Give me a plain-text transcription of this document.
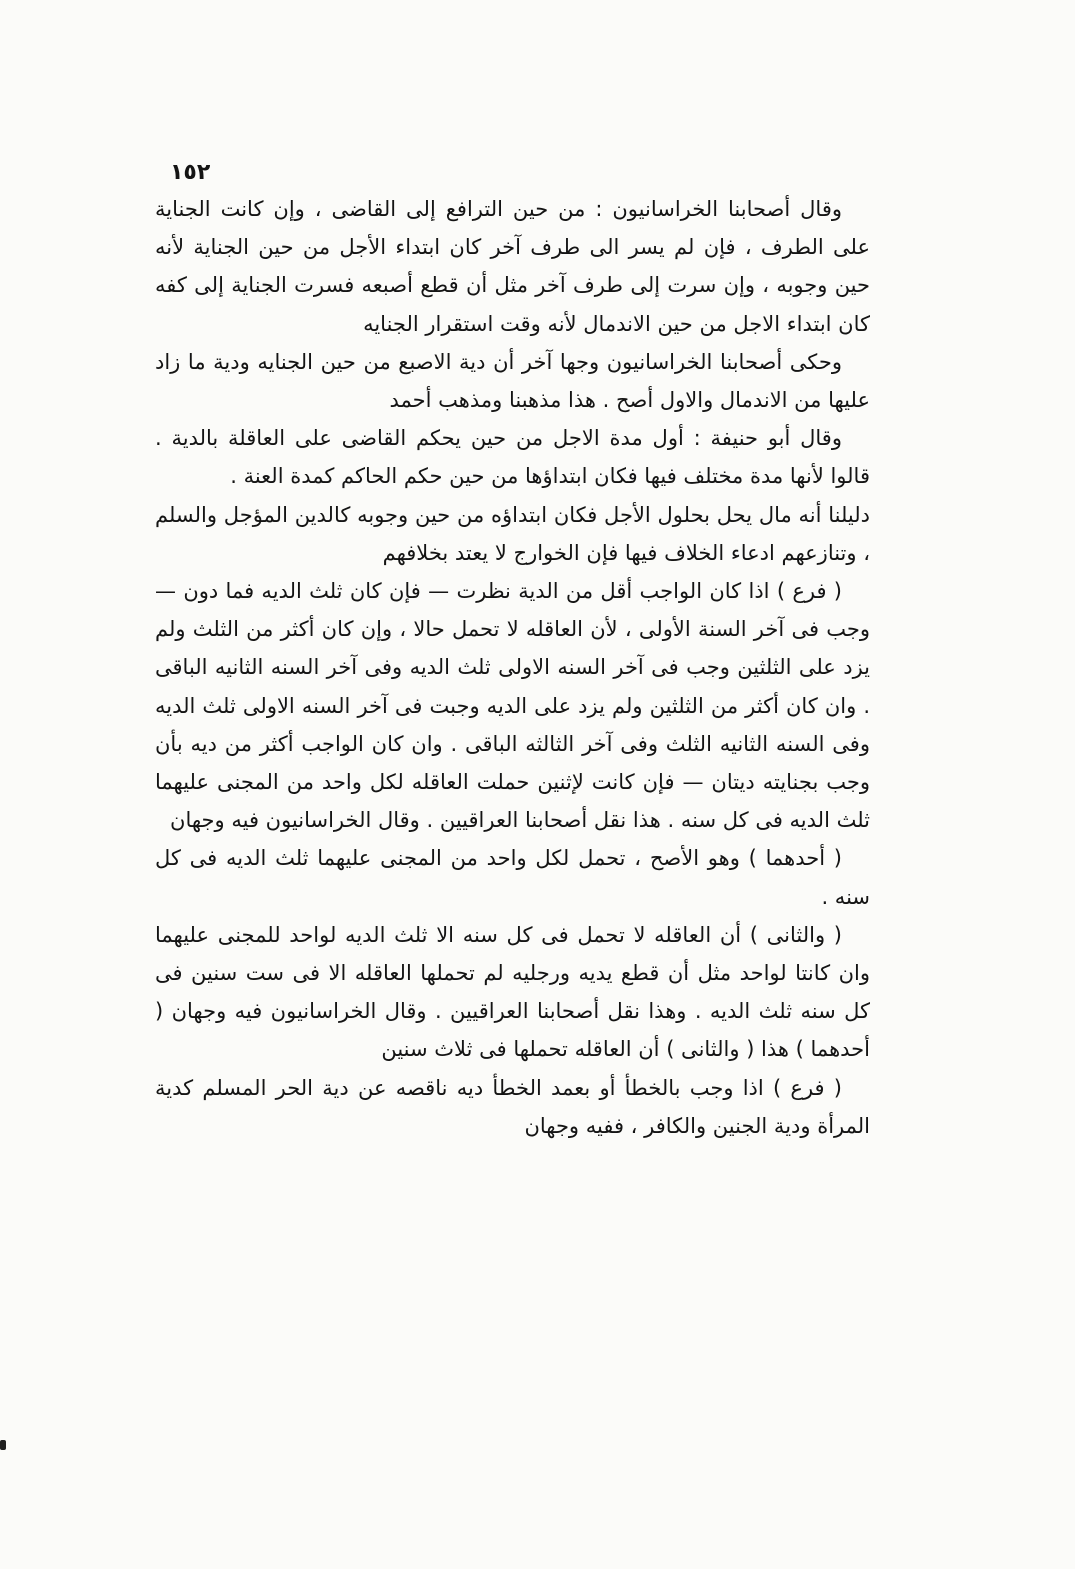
١٥٢

وقال أصحابنا الخراسانيون : من حين الترافع إلى القاضى ، وإن كانت الجناية على الطرف ، فإن لم يسر الى طرف آخر كان ابتداء الأجل من حين الجناية لأنه حين وجوبه ، وإن سرت إلى طرف آخر مثل أن قطع أصبعه فسرت الجناية إلى كفه كان ابتداء الاجل من حين الاندمال لأنه وقت استقرار الجنايه

وحكى أصحابنا الخراسانيون وجها آخر أن دية الاصبع من حين الجنايه ودية ما زاد عليها من الاندمال والاول أصح . هذا مذهبنا ومذهب أحمد

وقال أبو حنيفة : أول مدة الاجل من حين يحكم القاضى على العاقلة بالدية . قالوا لأنها مدة مختلف فيها فكان ابتداؤها من حين حكم الحاكم كمدة العنة .

دليلنا أنه مال يحل بحلول الأجل فكان ابتداؤه من حين وجوبه كالدين المؤجل والسلم ، وتنازعهم ادعاء الخلاف فيها فإن الخوارج لا يعتد بخلافهم

( فرع ) اذا كان الواجب أقل من الدية نظرت — فإن كان ثلث الديه فما دون — وجب فى آخر السنة الأولى ، لأن العاقله لا تحمل حالا ، وإن كان أكثر من الثلث ولم يزد على الثلثين وجب فى آخر السنه الاولى ثلث الديه وفى آخر السنه الثانيه الباقى . وان كان أكثر من الثلثين ولم يزد على الديه وجبت فى آخر السنه الاولى ثلث الديه وفى السنه الثانيه الثلث وفى آخر الثالثه الباقى . وان كان الواجب أكثر من ديه بأن وجب بجنايته ديتان — فإن كانت لإثنين حملت العاقله لكل واحد من المجنى عليهما ثلث الديه فى كل سنه . هذا نقل أصحابنا العراقيين . وقال الخراسانيون فيه وجهان

( أحدهما ) وهو الأصح ، تحمل لكل واحد من المجنى عليهما ثلث الديه فى كل سنه .

( والثانى ) أن العاقله لا تحمل فى كل سنه الا ثلث الديه لواحد للمجنى عليهما وان كانتا لواحد مثل أن قطع يديه ورجليه لم تحملها العاقله الا فى ست سنين فى كل سنه ثلث الديه . وهذا نقل أصحابنا العراقيين . وقال الخراسانيون فيه وجهان ( أحدهما ) هذا ( والثانى ) أن العاقله تحملها فى ثلاث سنين

( فرع ) اذا وجب بالخطأ أو بعمد الخطأ ديه ناقصه عن دية الحر المسلم كدية المرأة ودية الجنين والكافر ، ففيه وجهان
